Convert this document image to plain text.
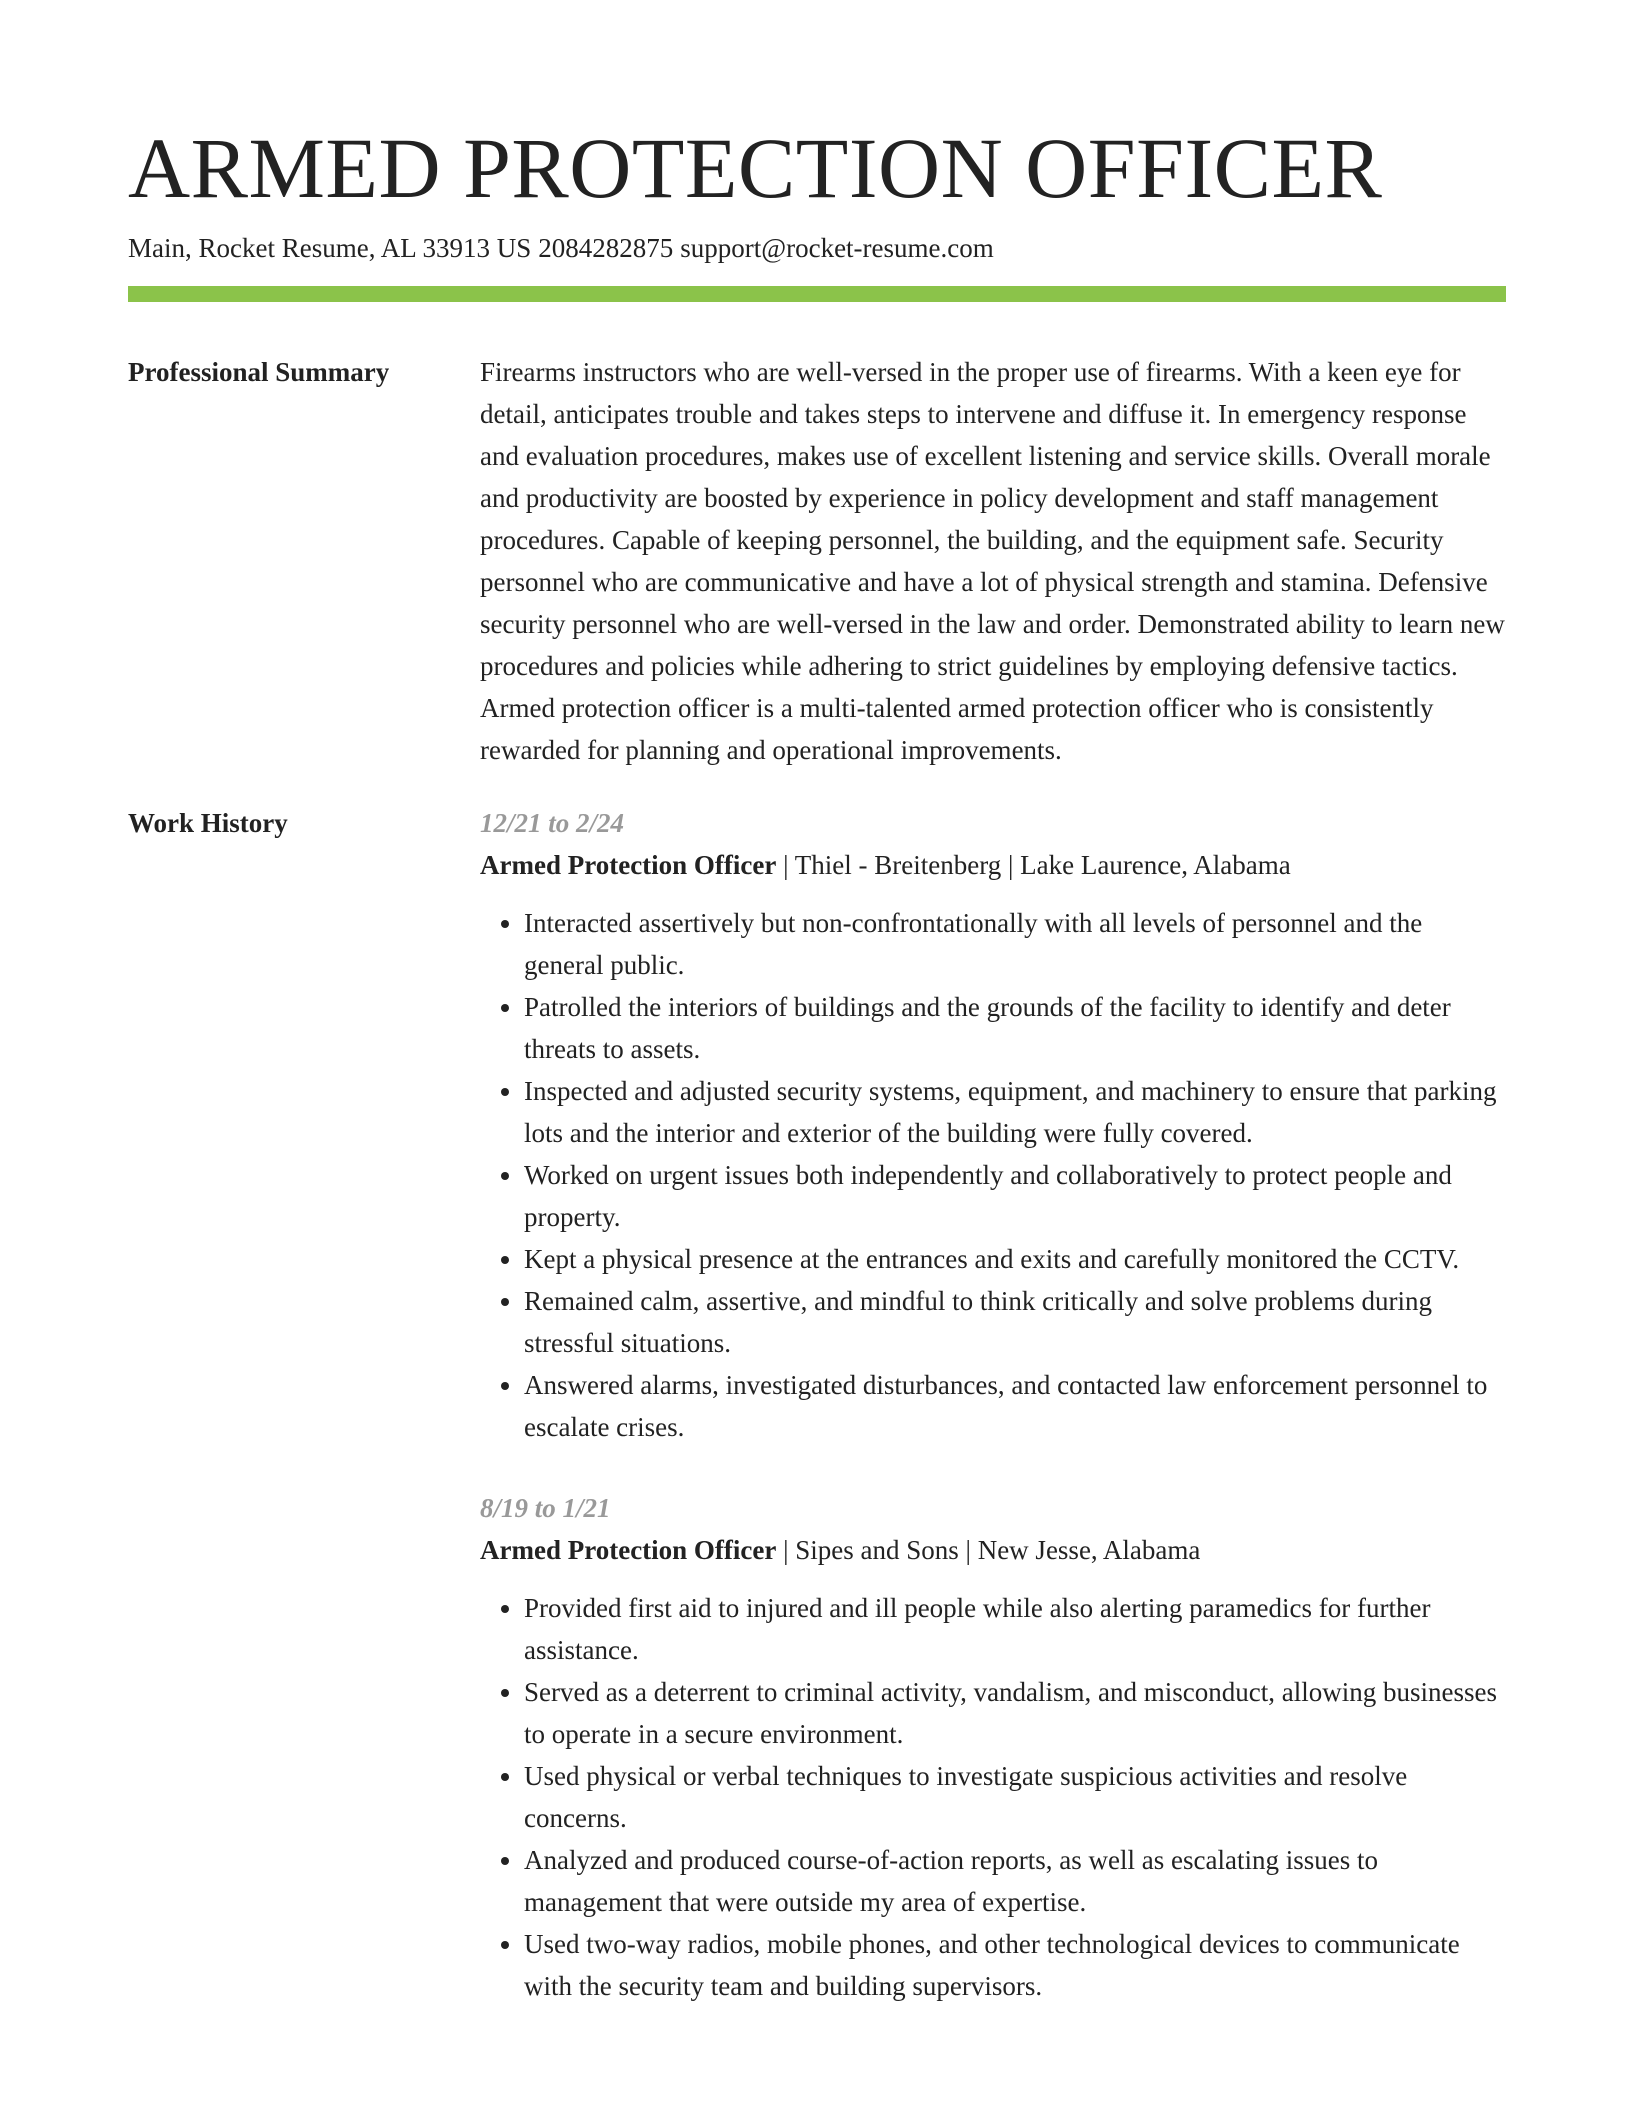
ARMED PROTECTION OFFICER
Main, Rocket Resume, AL 33913 US 2084282875 support@rocket-resume.com
Professional Summary	Firearms instructors who are well-versed in the proper use of firearms. With a keen eye for detail, anticipates trouble and takes steps to intervene and diffuse it. In emergency response and evaluation procedures, makes use of excellent listening and service skills. Overall morale and productivity are boosted by experience in policy development and staff management procedures. Capable of keeping personnel, the building, and the equipment safe. Security personnel who are communicative and have a lot of physical strength and stamina. Defensive security personnel who are well-versed in the law and order. Demonstrated ability to learn new procedures and policies while adhering to strict guidelines by employing defensive tactics. Armed protection officer is a multi-talented armed protection officer who is consistently rewarded for planning and operational improvements.

Work History	12/21 to 2/24
Armed Protection Officer | Thiel - Breitenberg | Lake Laurence, Alabama
• Interacted assertively but non-confrontationally with all levels of personnel and the general public.
• Patrolled the interiors of buildings and the grounds of the facility to identify and deter threats to assets.
• Inspected and adjusted security systems, equipment, and machinery to ensure that parking lots and the interior and exterior of the building were fully covered.
• Worked on urgent issues both independently and collaboratively to protect people and property.
• Kept a physical presence at the entrances and exits and carefully monitored the CCTV.
• Remained calm, assertive, and mindful to think critically and solve problems during stressful situations.
• Answered alarms, investigated disturbances, and contacted law enforcement personnel to escalate crises.
8/19 to 1/21
Armed Protection Officer | Sipes and Sons | New Jesse, Alabama
• Provided first aid to injured and ill people while also alerting paramedics for further assistance.
• Served as a deterrent to criminal activity, vandalism, and misconduct, allowing businesses to operate in a secure environment.
• Used physical or verbal techniques to investigate suspicious activities and resolve concerns.
• Analyzed and produced course-of-action reports, as well as escalating issues to management that were outside my area of expertise.
• Used two-way radios, mobile phones, and other technological devices to communicate with the security team and building supervisors.
